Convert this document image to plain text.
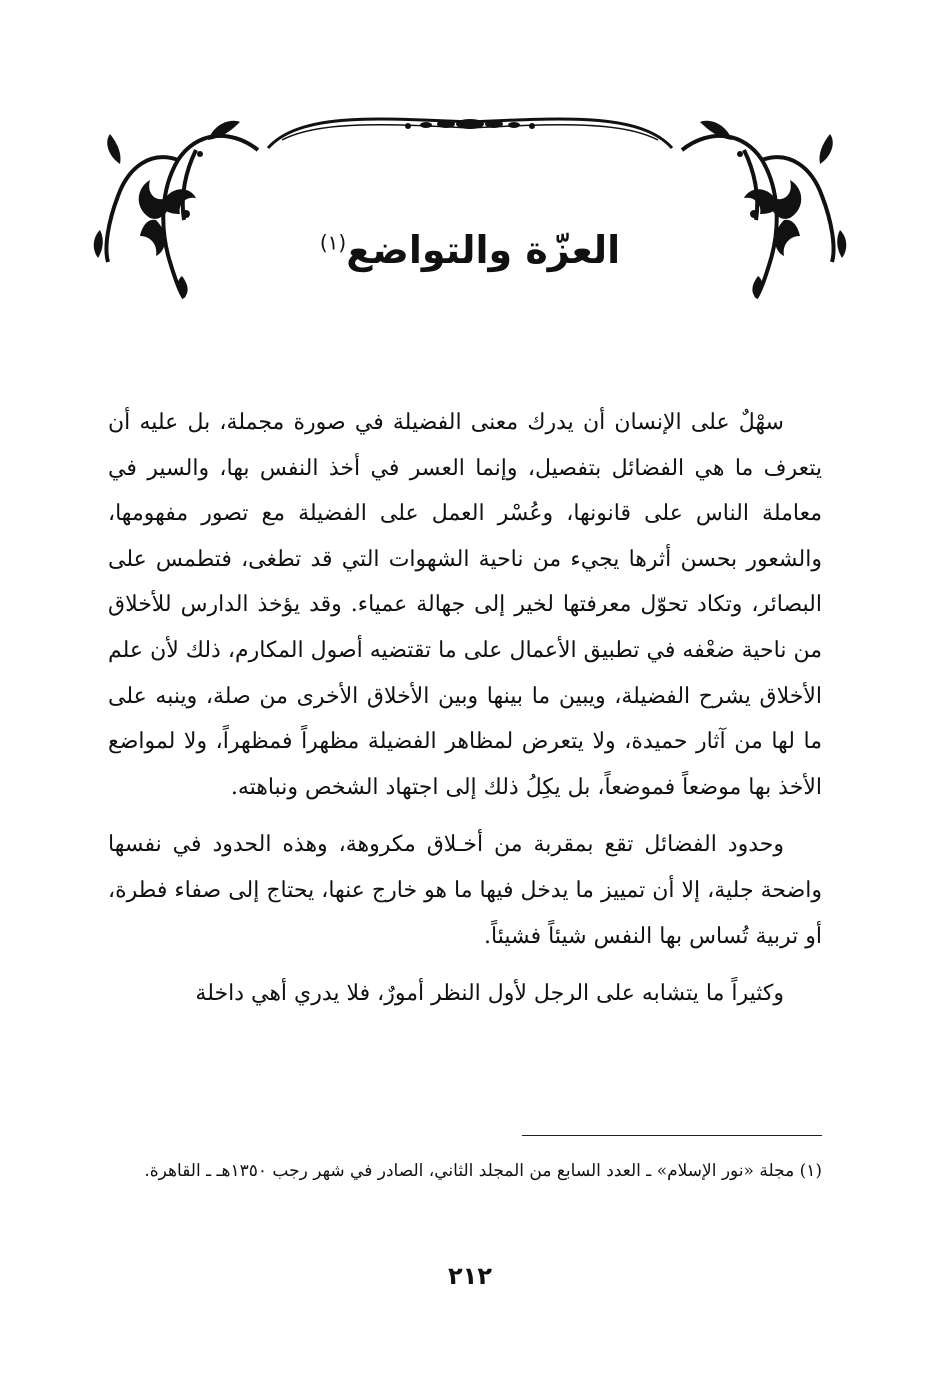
العزّة والتواضع$^{(١)}$

سهْلٌ على الإنسان أن يدرك معنى الفضيلة في صورة مجملة، بل عليه أن يتعرف ما هي الفضائل بتفصيل، وإنما العسر في أخذ النفس بها، والسير في معاملة الناس على قانونها، وعُسْر العمل على الفضيلة مع تصور مفهومها، والشعور بحسن أثرها يجيء من ناحية الشهوات التي قد تطغى، فتطمس على البصائر، وتكاد تحوّل معرفتها لخير إلى جهالة عمياء. وقد يؤخذ الدارس للأخلاق من ناحية ضعْفه في تطبيق الأعمال على ما تقتضيه أصول المكارم، ذلك لأن علم الأخلاق يشرح الفضيلة، ويبين ما بينها وبين الأخلاق الأخرى من صلة، وينبه على ما لها من آثار حميدة، ولا يتعرض لمظاهر الفضيلة مظهراً فمظهراً، ولا لمواضع الأخذ بها موضعاً فموضعاً، بل يكِلُ ذلك إلى اجتهاد الشخص ونباهته.

وحدود الفضائل تقع بمقربة من أخـلاق مكروهة، وهذه الحدود في نفسها واضحة جلية، إلا أن تمييز ما يدخل فيها ما هو خارج عنها، يحتاج إلى صفاء فطرة، أو تربية تُساس بها النفس شيئاً فشيئاً.

وكثيراً ما يتشابه على الرجل لأول النظر أمورٌ، فلا يدري أهي داخلة

(١) مجلة «نور الإسلام» ـ العدد السابع من المجلد الثاني، الصادر في شهر رجب ١٣٥٠هـ ـ القاهرة.
٢١٢
